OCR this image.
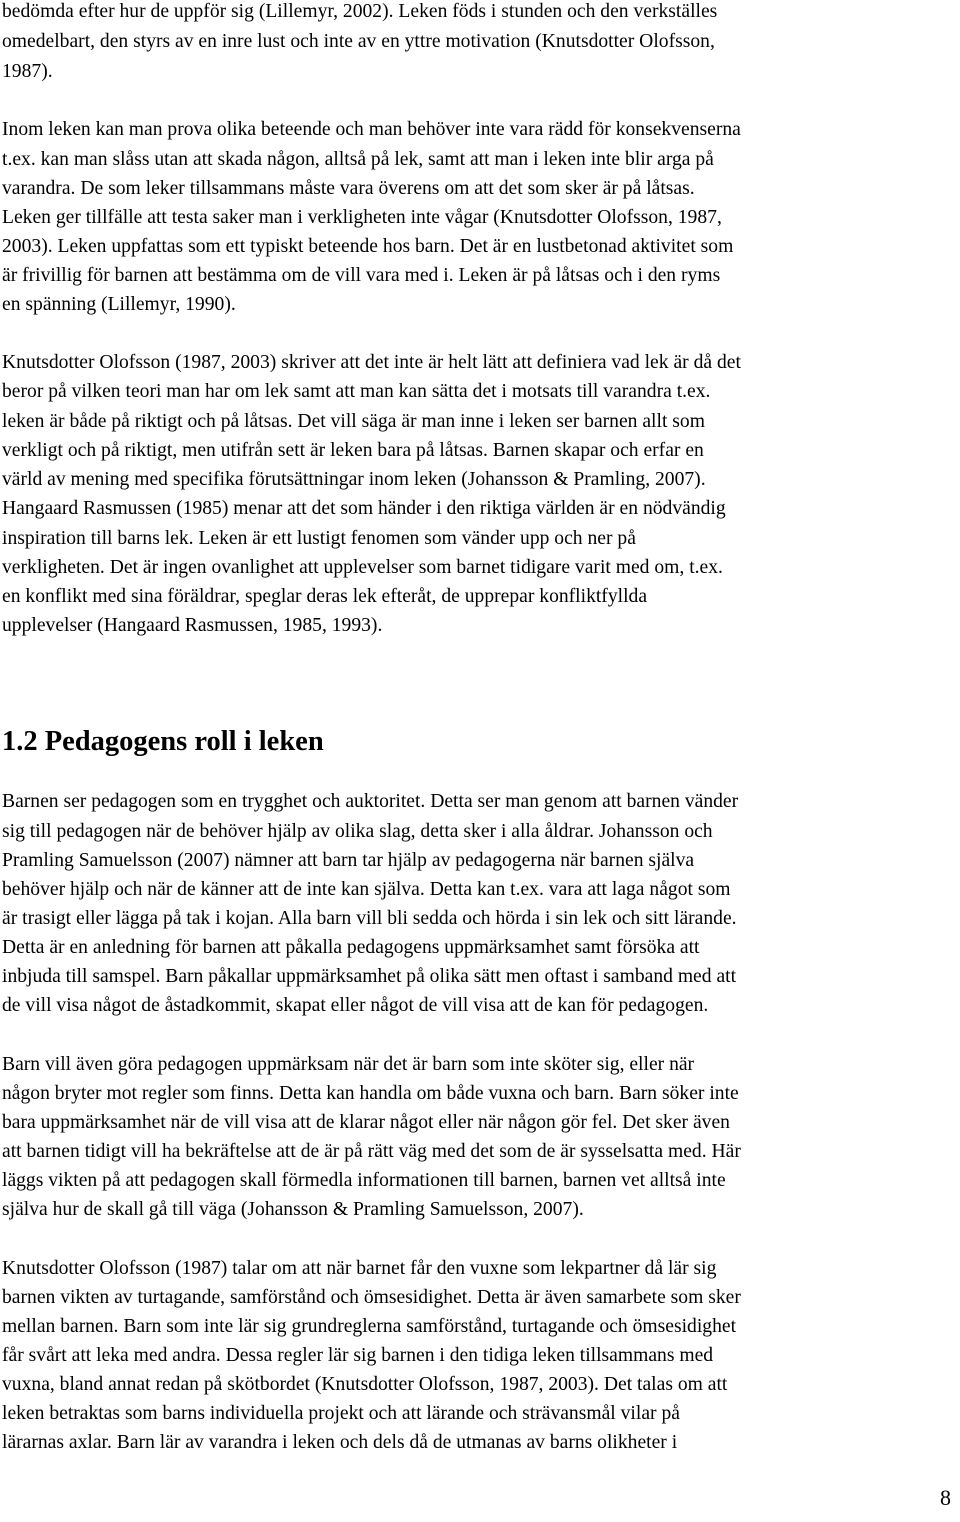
bedömda efter hur de uppför sig (Lillemyr, 2002). Leken föds i stunden och den verkställes
omedelbart, den styrs av en inre lust och inte av en yttre motivation (Knutsdotter Olofsson,
1987).
Inom leken kan man prova olika beteende och man behöver inte vara rädd för konsekvenserna
t.ex. kan man slåss utan att skada någon, alltså på lek, samt att man i leken inte blir arga på
varandra. De som leker tillsammans måste vara överens om att det som sker är på låtsas.
Leken ger tillfälle att testa saker man i verkligheten inte vågar (Knutsdotter Olofsson, 1987,
2003). Leken uppfattas som ett typiskt beteende hos barn. Det är en lustbetonad aktivitet som
är frivillig för barnen att bestämma om de vill vara med i. Leken är på låtsas och i den ryms
en spänning (Lillemyr, 1990).
Knutsdotter Olofsson (1987, 2003) skriver att det inte är helt lätt att definiera vad lek är då det
beror på vilken teori man har om lek samt att man kan sätta det i motsats till varandra t.ex.
leken är både på riktigt och på låtsas. Det vill säga är man inne i leken ser barnen allt som
verkligt och på riktigt, men utifrån sett är leken bara på låtsas. Barnen skapar och erfar en
värld av mening med specifika förutsättningar inom leken (Johansson & Pramling, 2007).
Hangaard Rasmussen (1985) menar att det som händer i den riktiga världen är en nödvändig
inspiration till barns lek. Leken är ett lustigt fenomen som vänder upp och ner på
verkligheten. Det är ingen ovanlighet att upplevelser som barnet tidigare varit med om, t.ex.
en konflikt med sina föräldrar, speglar deras lek efteråt, de upprepar konfliktfyllda
upplevelser (Hangaard Rasmussen, 1985, 1993).
1.2 Pedagogens roll i leken
Barnen ser pedagogen som en trygghet och auktoritet. Detta ser man genom att barnen vänder
sig till pedagogen när de behöver hjälp av olika slag, detta sker i alla åldrar. Johansson och
Pramling Samuelsson (2007) nämner att barn tar hjälp av pedagogerna när barnen själva
behöver hjälp och när de känner att de inte kan själva. Detta kan t.ex. vara att laga något som
är trasigt eller lägga på tak i kojan. Alla barn vill bli sedda och hörda i sin lek och sitt lärande.
Detta är en anledning för barnen att påkalla pedagogens uppmärksamhet samt försöka att
inbjuda till samspel. Barn påkallar uppmärksamhet på olika sätt men oftast i samband med att
de vill visa något de åstadkommit, skapat eller något de vill visa att de kan för pedagogen.
Barn vill även göra pedagogen uppmärksam när det är barn som inte sköter sig, eller när
någon bryter mot regler som finns. Detta kan handla om både vuxna och barn. Barn söker inte
bara uppmärksamhet när de vill visa att de klarar något eller när någon gör fel. Det sker även
att barnen tidigt vill ha bekräftelse att de är på rätt väg med det som de är sysselsatta med. Här
läggs vikten på att pedagogen skall förmedla informationen till barnen, barnen vet alltså inte
själva hur de skall gå till väga (Johansson & Pramling Samuelsson, 2007).
Knutsdotter Olofsson (1987) talar om att när barnet får den vuxne som lekpartner då lär sig
barnen vikten av turtagande, samförstånd och ömsesidighet. Detta är även samarbete som sker
mellan barnen. Barn som inte lär sig grundreglerna samförstånd, turtagande och ömsesidighet
får svårt att leka med andra. Dessa regler lär sig barnen i den tidiga leken tillsammans med
vuxna, bland annat redan på skötbordet (Knutsdotter Olofsson, 1987, 2003). Det talas om att
leken betraktas som barns individuella projekt och att lärande och strävansmål vilar på
lärarnas axlar. Barn lär av varandra i leken och dels då de utmanas av barns olikheter i
8
